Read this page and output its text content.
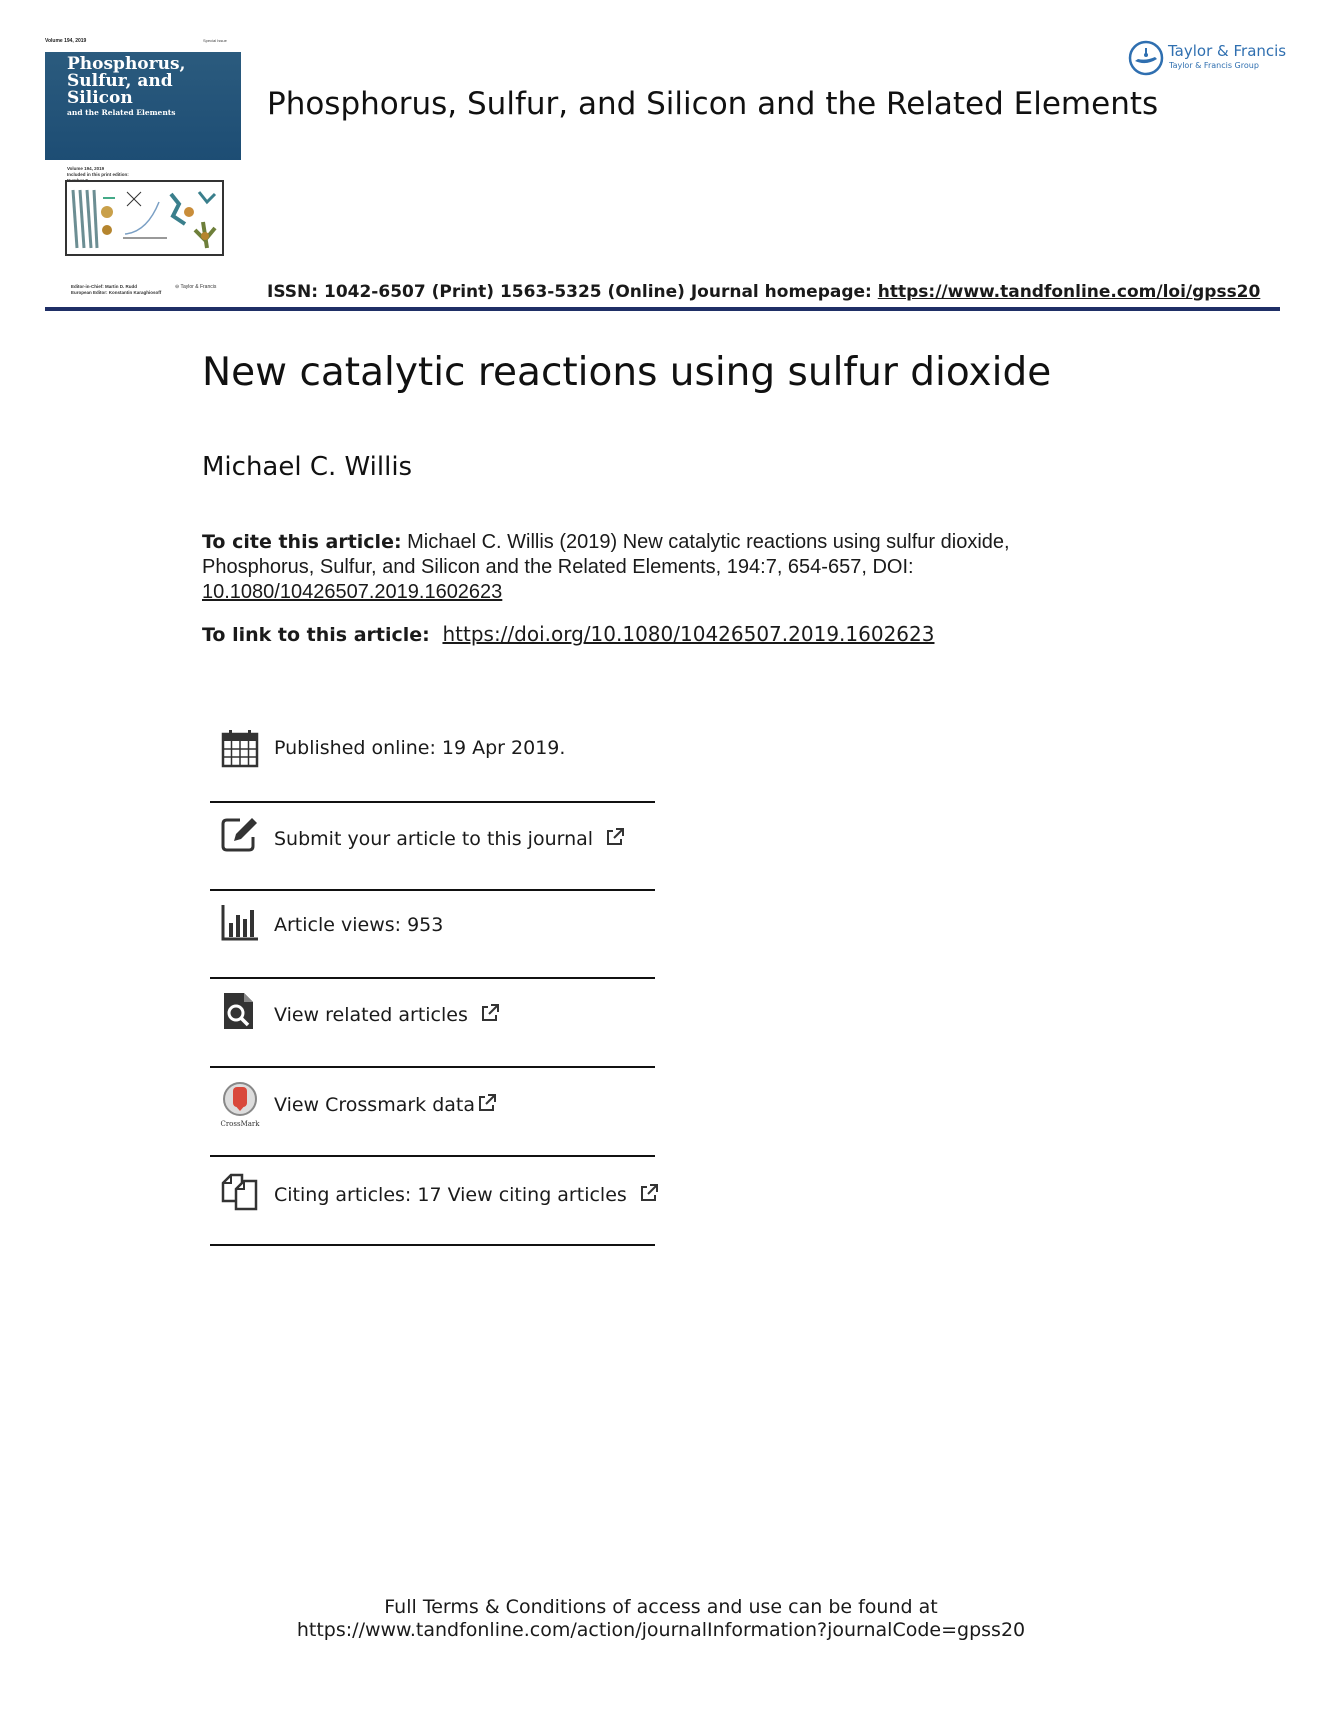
Volume 194, 2019	Special Issue
Phosphorus, Sulfur, and Silicon
and the Related Elements
Volume 194, 2019
Included in this print edition:
Editor-in-Chief: Martin D. Rudd
European Editor: Konstantin Karaghiosoff
⊖ Taylor & Francis
Phosphorus, Sulfur, and Silicon and the Related Elements
Taylor & Francis
Taylor & Francis Group
ISSN: 1042-6507 (Print) 1563-5325 (Online) Journal homepage: https://www.tandfonline.com/loi/gpss20
New catalytic reactions using sulfur dioxide
Michael C. Willis
To cite this article: Michael C. Willis (2019) New catalytic reactions using sulfur dioxide, Phosphorus, Sulfur, and Silicon and the Related Elements, 194:7, 654-657, DOI: 10.1080/10426507.2019.1602623
To link to this article: https://doi.org/10.1080/10426507.2019.1602623
Published online: 19 Apr 2019.
Submit your article to this journal
Article views: 953
View related articles
CrossMark
View Crossmark data
Citing articles: 17 View citing articles
Full Terms & Conditions of access and use can be found at
https://www.tandfonline.com/action/journalInformation?journalCode=gpss20
